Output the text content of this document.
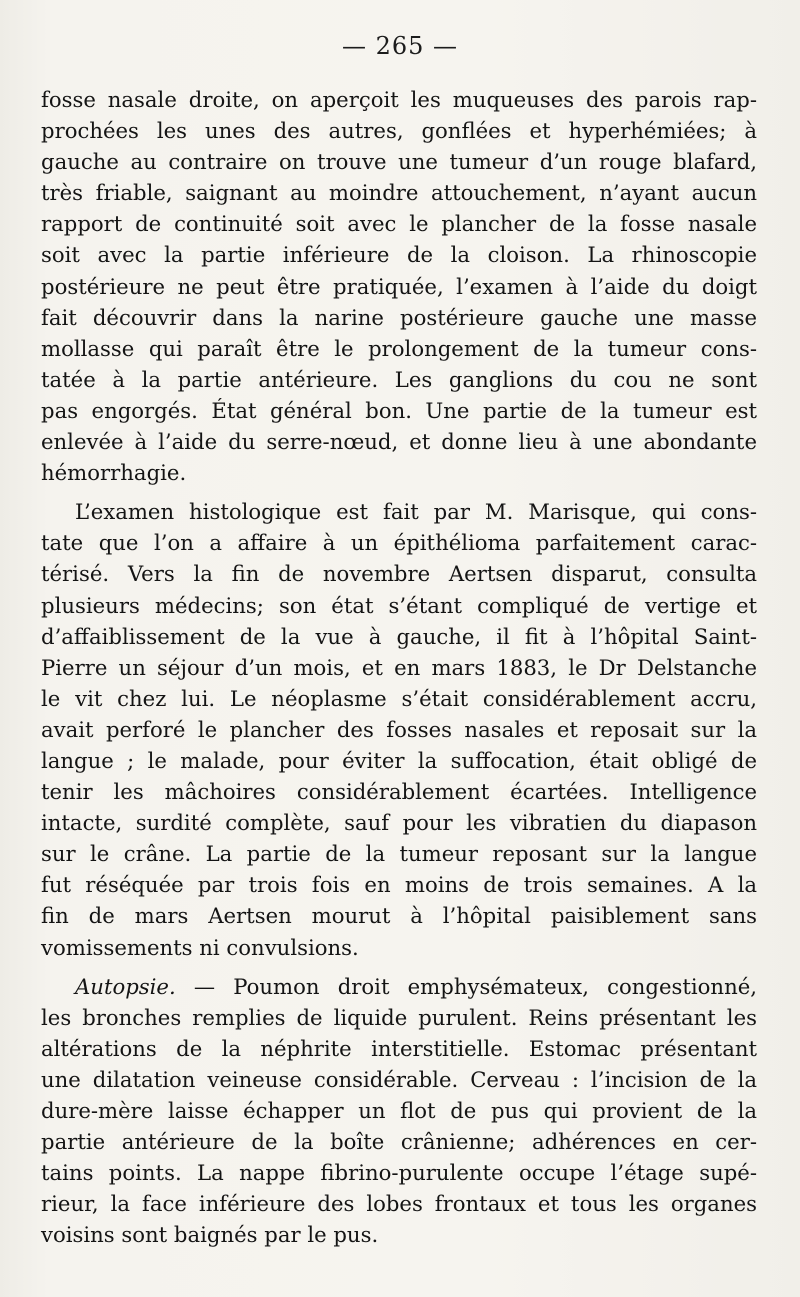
— 265 —
fosse nasale droite, on aperçoit les muqueuses des parois rap-
prochées les unes des autres, gonflées et hyperhémiées; à
gauche au contraire on trouve une tumeur d’un rouge blafard,
très friable, saignant au moindre attouchement, n’ayant aucun
rapport de continuité soit avec le plancher de la fosse nasale
soit avec la partie inférieure de la cloison. La rhinoscopie
postérieure ne peut être pratiquée, l’examen à l’aide du doigt
fait découvrir dans la narine postérieure gauche une masse
mollasse qui paraît être le prolongement de la tumeur cons-
tatée à la partie antérieure. Les ganglions du cou ne sont
pas engorgés. État général bon. Une partie de la tumeur est
enlevée à l’aide du serre-nœud, et donne lieu à une abondante
hémorrhagie.
L’examen histologique est fait par M. Marisque, qui cons-
tate que l’on a affaire à un épithélioma parfaitement carac-
térisé. Vers la fin de novembre Aertsen disparut, consulta
plusieurs médecins; son état s’étant compliqué de vertige et
d’affaiblissement de la vue à gauche, il fit à l’hôpital Saint-
Pierre un séjour d’un mois, et en mars 1883, le Dr Delstanche
le vit chez lui. Le néoplasme s’était considérablement accru,
avait perforé le plancher des fosses nasales et reposait sur la
langue ; le malade, pour éviter la suffocation, était obligé de
tenir les mâchoires considérablement écartées. Intelligence
intacte, surdité complète, sauf pour les vibratien du diapason
sur le crâne. La partie de la tumeur reposant sur la langue
fut réséquée par trois fois en moins de trois semaines. A la
fin de mars Aertsen mourut à l’hôpital paisiblement sans
vomissements ni convulsions.
Autopsie. — Poumon droit emphysémateux, congestionné,
les bronches remplies de liquide purulent. Reins présentant les
altérations de la néphrite interstitielle. Estomac présentant
une dilatation veineuse considérable. Cerveau : l’incision de la
dure-mère laisse échapper un flot de pus qui provient de la
partie antérieure de la boîte crânienne; adhérences en cer-
tains points. La nappe fibrino-purulente occupe l’étage supé-
rieur, la face inférieure des lobes frontaux et tous les organes
voisins sont baignés par le pus.
